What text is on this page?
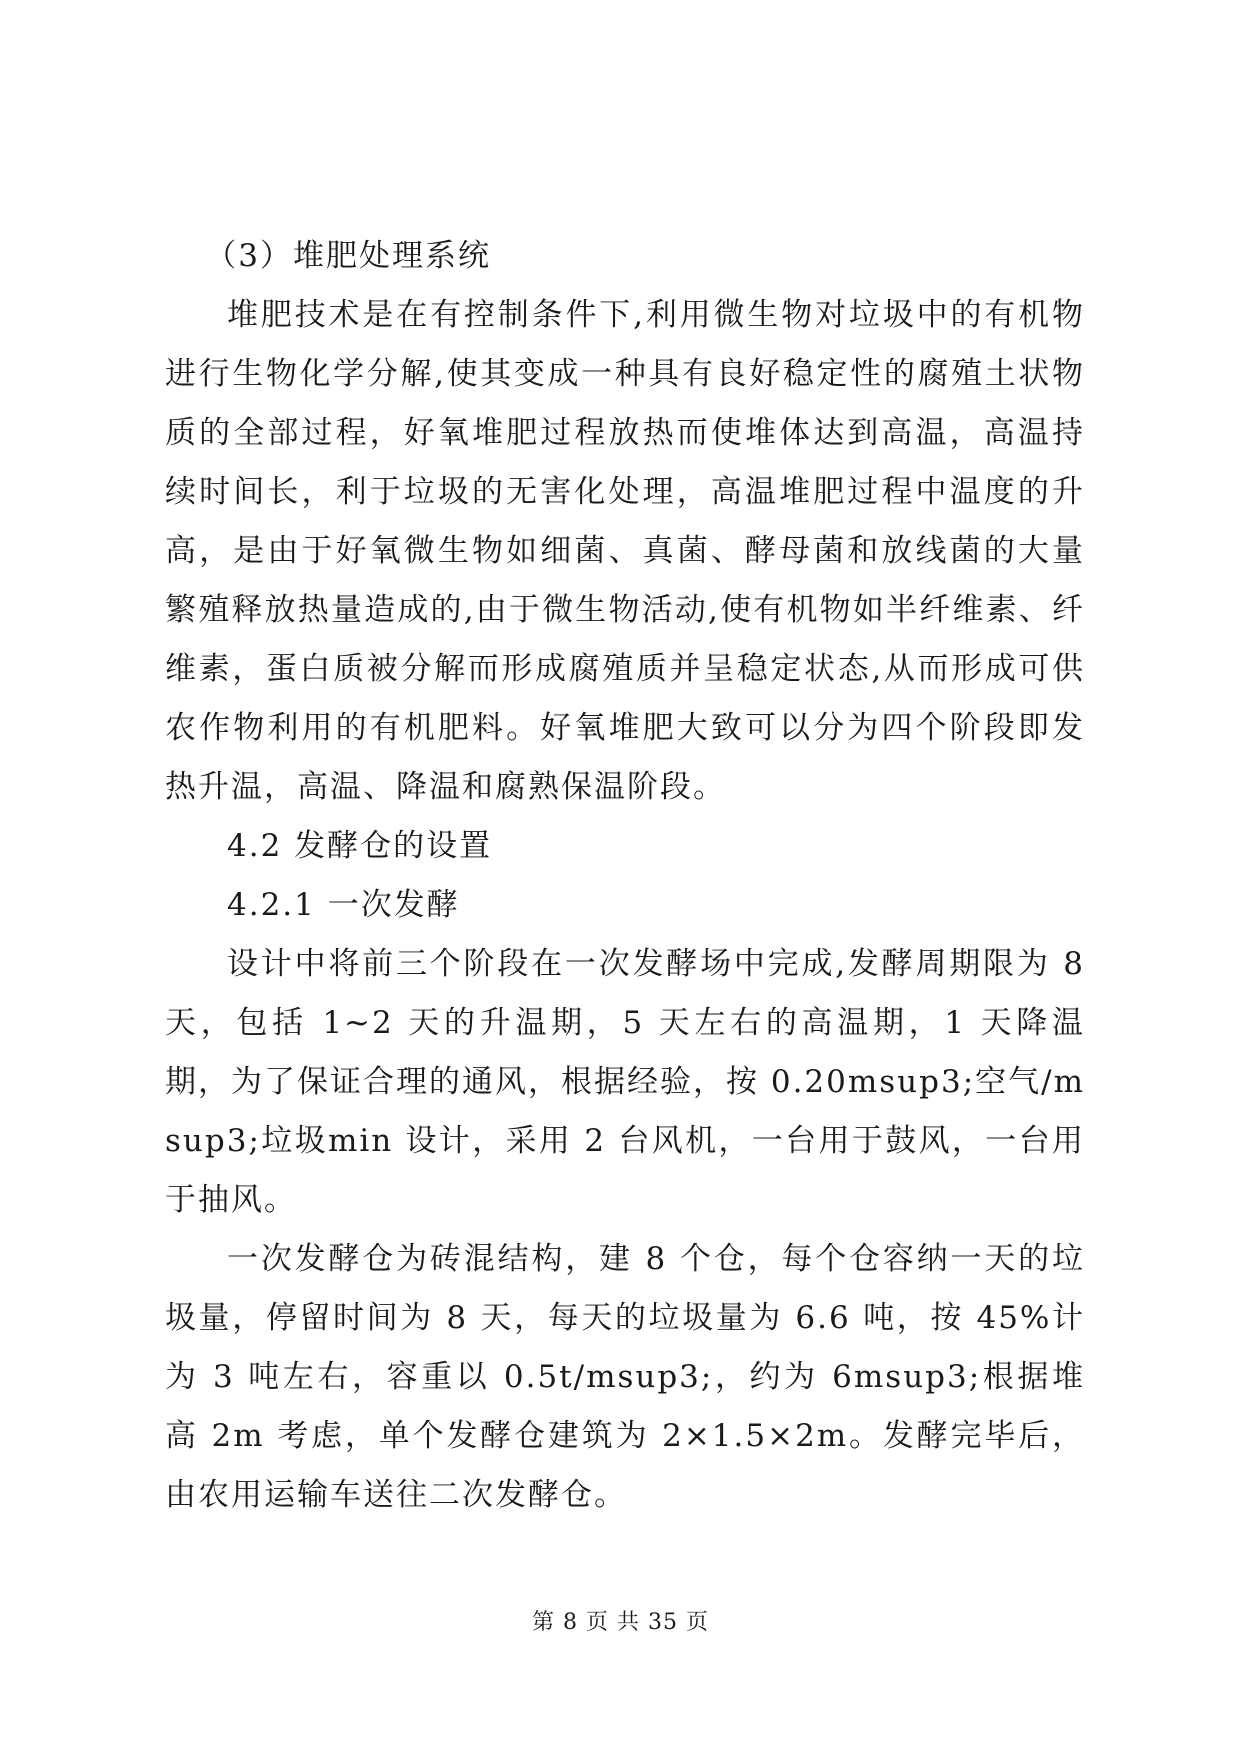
（3）堆肥处理系统

堆肥技术是在有控制条件下,利用微生物对垃圾中的有机物进行生物化学分解,使其变成一种具有良好稳定性的腐殖土状物质的全部过程，好氧堆肥过程放热而使堆体达到高温，高温持续时间长，利于垃圾的无害化处理，高温堆肥过程中温度的升高，是由于好氧微生物如细菌、真菌、酵母菌和放线菌的大量繁殖释放热量造成的,由于微生物活动,使有机物如半纤维素、纤维素，蛋白质被分解而形成腐殖质并呈稳定状态,从而形成可供农作物利用的有机肥料。好氧堆肥大致可以分为四个阶段即发热升温，高温、降温和腐熟保温阶段。

4.2 发酵仓的设置

4.2.1 一次发酵

设计中将前三个阶段在一次发酵场中完成,发酵周期限为 8 天，包括 1~2 天的升温期，5 天左右的高温期，1 天降温期，为了保证合理的通风，根据经验，按 0.20msup3;空气/msup3;垃圾min 设计，采用 2 台风机，一台用于鼓风，一台用于抽风。

一次发酵仓为砖混结构，建 8 个仓，每个仓容纳一天的垃圾量，停留时间为 8 天，每天的垃圾量为 6.6 吨，按 45%计为 3 吨左右，容重以 0.5t/msup3;，约为 6msup3;根据堆高 2m 考虑，单个发酵仓建筑为 2×1.5×2m。发酵完毕后，由农用运输车送往二次发酵仓。

第 8 页 共 35 页
